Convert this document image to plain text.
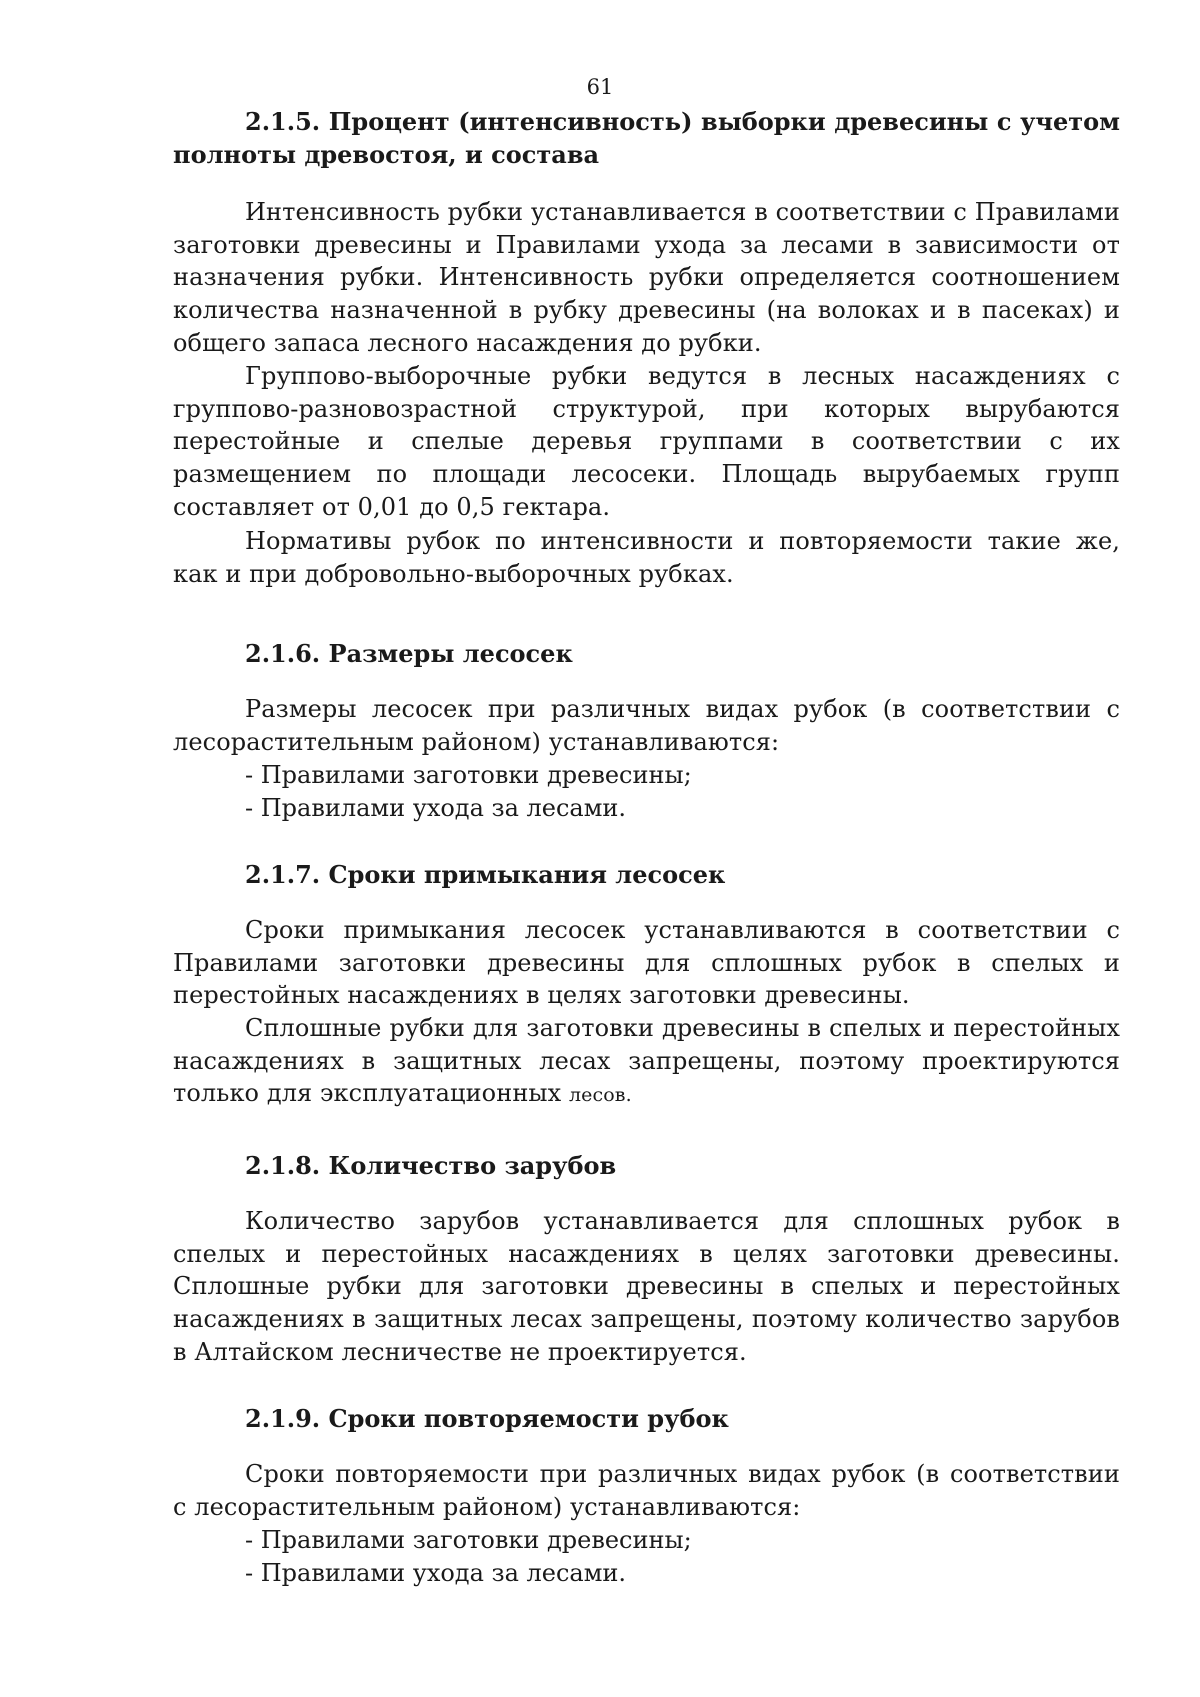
61
2.1.5. Процент (интенсивность) выборки древесины с учетом
полноты древостоя, и состава

Интенсивность рубки устанавливается в соответствии с Правилами заготовки древесины и Правилами ухода за лесами в зависимости от назначения рубки. Интенсивность рубки определяется соотношением количества назначенной в рубку древесины (на волоках и в пасеках) и общего запаса лесного насаждения до рубки.

Группово-выборочные рубки ведутся в лесных насаждениях с группово-разновозрастной структурой, при которых вырубаются перестойные и спелые деревья группами в соответствии с их размещением по площади лесосеки. Площадь вырубаемых групп составляет от 0,01 до 0,5 гектара.

Нормативы рубок по интенсивности и повторяемости такие же, как и при добровольно-выборочных рубках.

2.1.6. Размеры лесосек

Размеры лесосек при различных видах рубок (в соответствии с лесорастительным районом) устанавливаются:

- Правилами заготовки древесины;
- Правилами ухода за лесами.
2.1.7. Сроки примыкания лесосек

Сроки примыкания лесосек устанавливаются в соответствии с Правилами заготовки древесины для сплошных рубок в спелых и перестойных насаждениях в целях заготовки древесины.

Сплошные рубки для заготовки древесины в спелых и перестойных насаждениях в защитных лесах запрещены, поэтому проектируются только для эксплуатационных лесов.

2.1.8. Количество зарубов

Количество зарубов устанавливается для сплошных рубок в спелых и перестойных насаждениях в целях заготовки древесины. Сплошные рубки для заготовки древесины в спелых и перестойных насаждениях в защитных лесах запрещены, поэтому количество зарубов в Алтайском лесничестве не проектируется.

2.1.9. Сроки повторяемости рубок

Сроки повторяемости при различных видах рубок (в соответствии с лесорастительным районом) устанавливаются:

- Правилами заготовки древесины;
- Правилами ухода за лесами.
